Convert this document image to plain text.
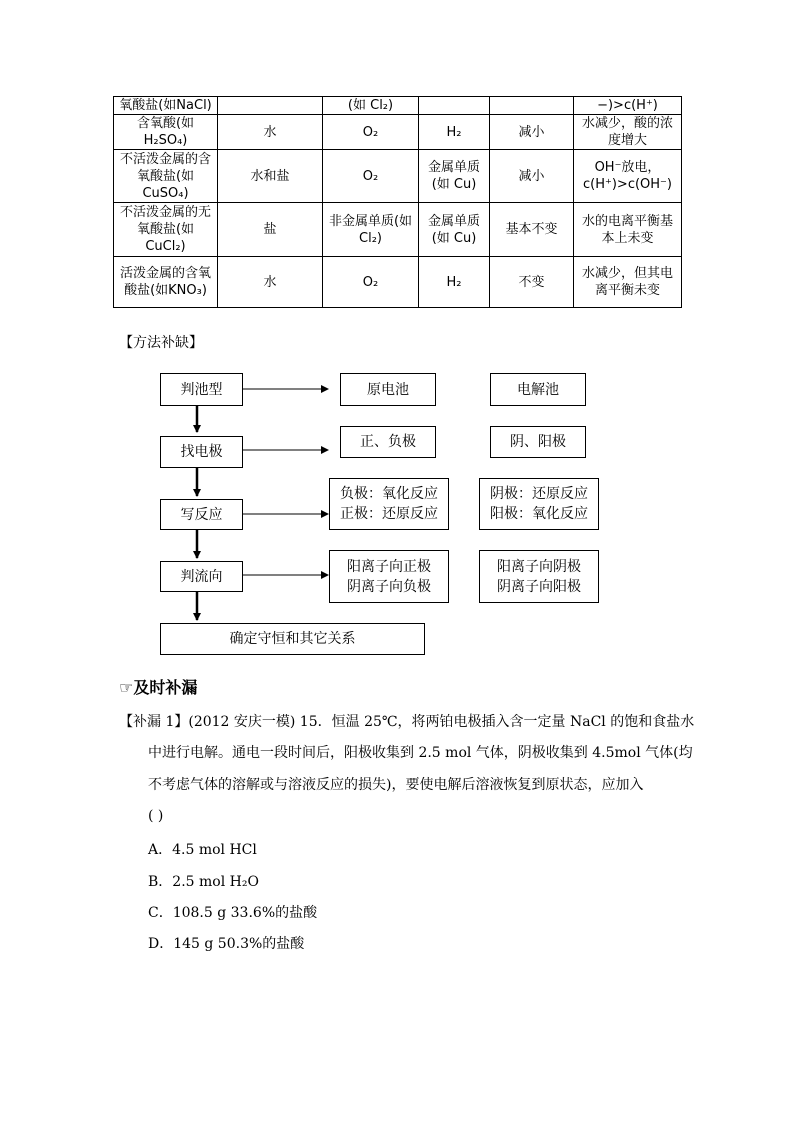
氧酸盐(如NaCl)		(如 Cl₂)			−)>c(H⁺)
含氧酸(如H₂SO₄)	水	O₂	H₂	减小	水减少，酸的浓度增大
不活泼金属的含氧酸盐(如CuSO₄)	水和盐	O₂	金属单质(如 Cu)	减小	OH⁻放电，c(H⁺)>c(OH⁻)
不活泼金属的无氧酸盐(如CuCl₂)	盐	非金属单质(如 Cl₂)	金属单质(如 Cu)	基本不变	水的电离平衡基本上未变
活泼金属的含氧酸盐(如KNO₃)	水	O₂	H₂	不变	水减少，但其电离平衡未变
【方法补缺】
判池型
找电极
写反应
判流向
确定守恒和其它关系
原电池
正、负极
负极：氧化反应
正极：还原反应
阳离子向正极
阴离子向负极
电解池
阴、阳极
阴极：还原反应
阳极：氧化反应
阳离子向阴极
阴离子向阳极
☞及时补漏
【补漏 1】(2012 安庆一模) 15．恒温 25℃，将两铂电极插入含一定量 NaCl 的饱和食盐水
中进行电解。通电一段时间后，阳极收集到 2.5 mol 气体，阴极收集到 4.5mol 气体(均
不考虑气体的溶解或与溶液反应的损失)，要使电解后溶液恢复到原状态，应加入
( )
A．4.5 mol HCl
B．2.5 mol H₂O
C．108.5 g 33.6%的盐酸
D．145 g 50.3%的盐酸
